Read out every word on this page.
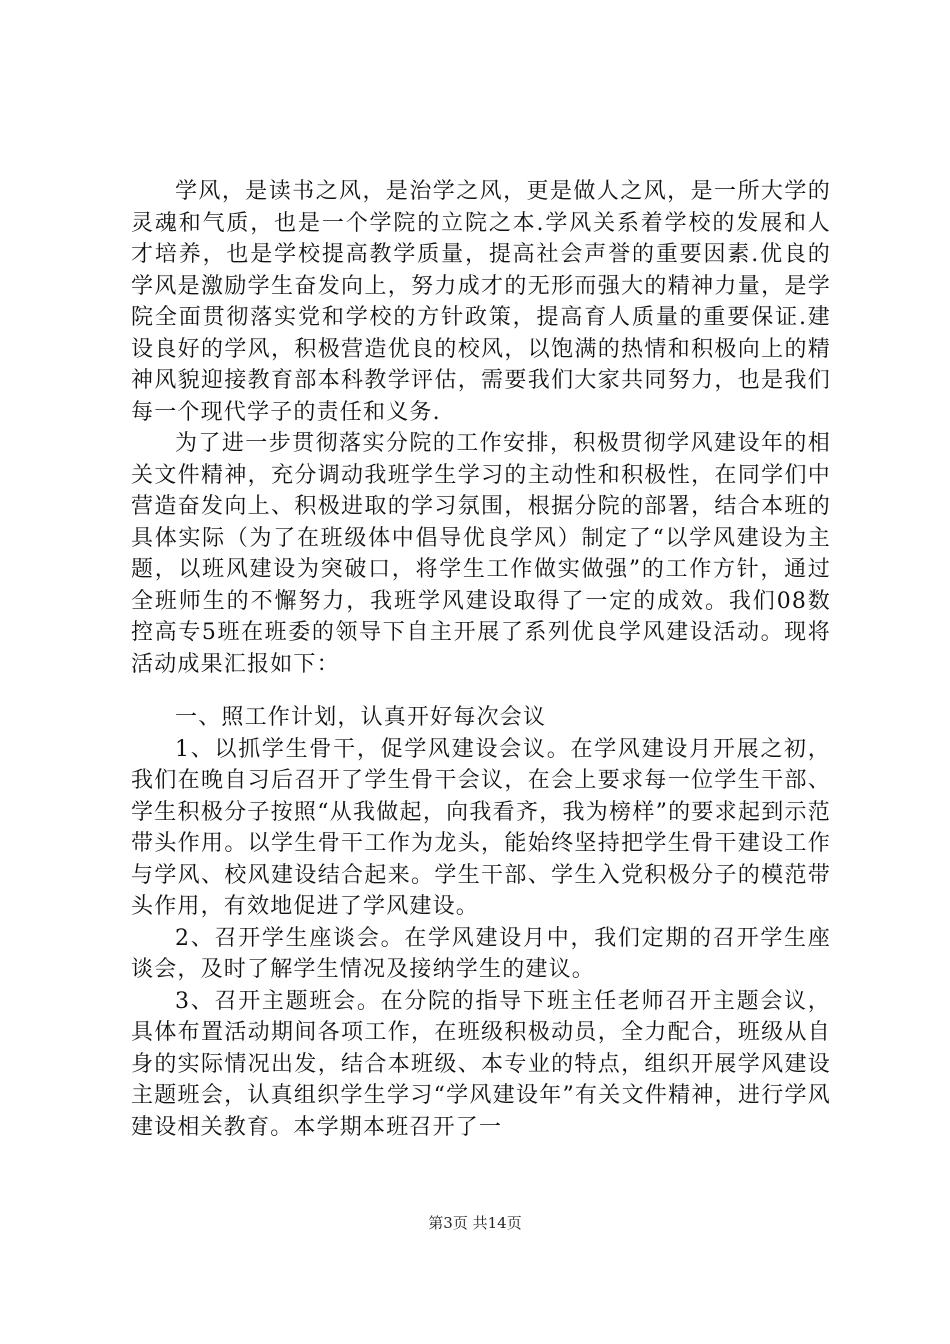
学风，是读书之风，是治学之风，更是做人之风，是一所大学的灵魂和气质，也是一个学院的立院之本.学风关系着学校的发展和人才培养，也是学校提高教学质量，提高社会声誉的重要因素.优良的学风是激励学生奋发向上，努力成才的无形而强大的精神力量，是学院全面贯彻落实党和学校的方针政策，提高育人质量的重要保证.建设良好的学风，积极营造优良的校风，以饱满的热情和积极向上的精神风貌迎接教育部本科教学评估，需要我们大家共同努力，也是我们每一个现代学子的责任和义务.

为了进一步贯彻落实分院的工作安排，积极贯彻学风建设年的相关文件精神，充分调动我班学生学习的主动性和积极性，在同学们中营造奋发向上、积极进取的学习氛围，根据分院的部署，结合本班的具体实际（为了在班级体中倡导优良学风）制定了“以学风建设为主题，以班风建设为突破口，将学生工作做实做强”的工作方针，通过全班师生的不懈努力，我班学风建设取得了一定的成效。我们08数控高专5班在班委的领导下自主开展了系列优良学风建设活动。现将活动成果汇报如下：

一、照工作计划，认真开好每次会议

1、以抓学生骨干，促学风建设会议。在学风建设月开展之初，我们在晚自习后召开了学生骨干会议，在会上要求每一位学生干部、学生积极分子按照“从我做起，向我看齐，我为榜样”的要求起到示范带头作用。以学生骨干工作为龙头，能始终坚持把学生骨干建设工作与学风、校风建设结合起来。学生干部、学生入党积极分子的模范带头作用，有效地促进了学风建设。

2、召开学生座谈会。在学风建设月中，我们定期的召开学生座谈会，及时了解学生情况及接纳学生的建议。

3、召开主题班会。在分院的指导下班主任老师召开主题会议，具体布置活动期间各项工作，在班级积极动员，全力配合，班级从自身的实际情况出发，结合本班级、本专业的特点，组织开展学风建设主题班会，认真组织学生学习“学风建设年”有关文件精神，进行学风建设相关教育。本学期本班召开了一

第3页 共14页
